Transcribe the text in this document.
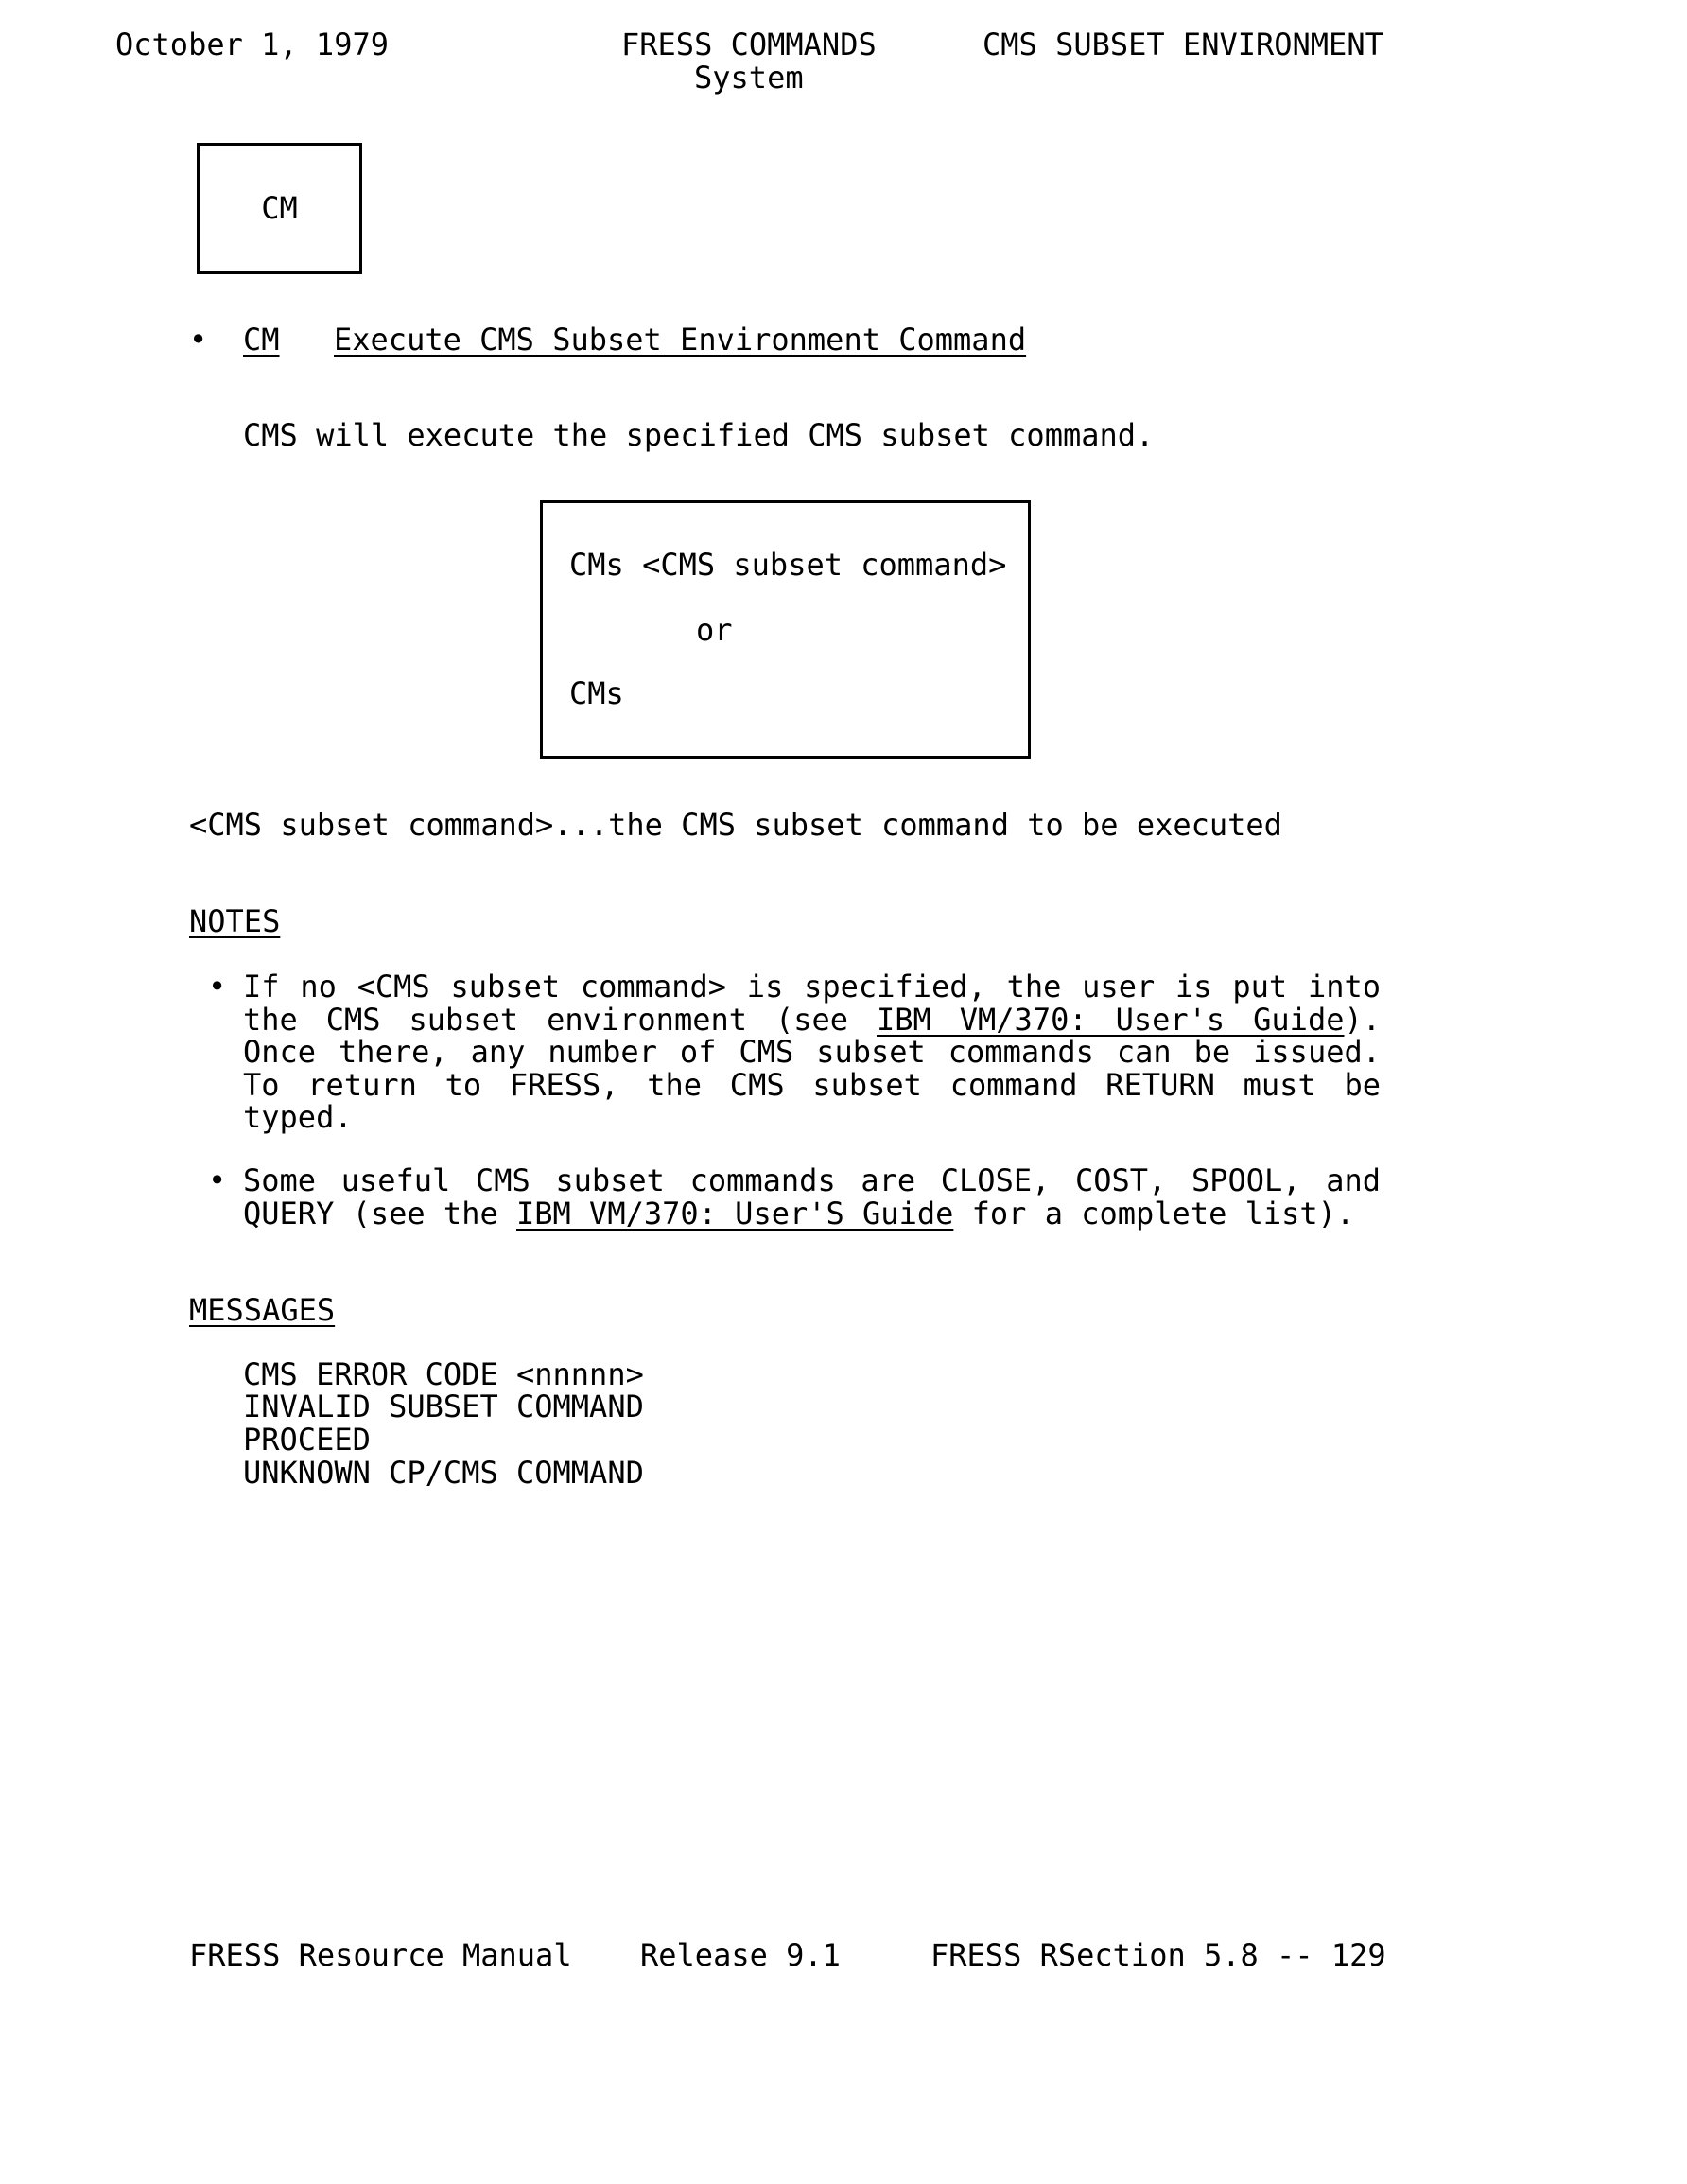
October 1, 1979	FRESS COMMANDS
System
CMS SUBSET ENVIRONMENT
CM
• CM Execute CMS Subset Environment Command
CMS will execute the specified CMS subset command.
CMs <CMS subset command>
or
CMs
<CMS subset command>...the CMS subset command to be executed
NOTES
• If no <CMS subset command> is specified, the user is put into the CMS subset environment (see IBM VM/370: User's Guide). Once there, any number of CMS subset commands can be issued. To return to FRESS, the CMS subset command RETURN must be typed.
• Some useful CMS subset commands are CLOSE, COST, SPOOL, and QUERY (see the IBM VM/370: User'S Guide for a complete list).
MESSAGES
CMS ERROR CODE <nnnnn>
INVALID SUBSET COMMAND
PROCEED
UNKNOWN CP/CMS COMMAND
FRESS Resource Manual Release 9.1	FRESS RSection 5.8 -- 129
